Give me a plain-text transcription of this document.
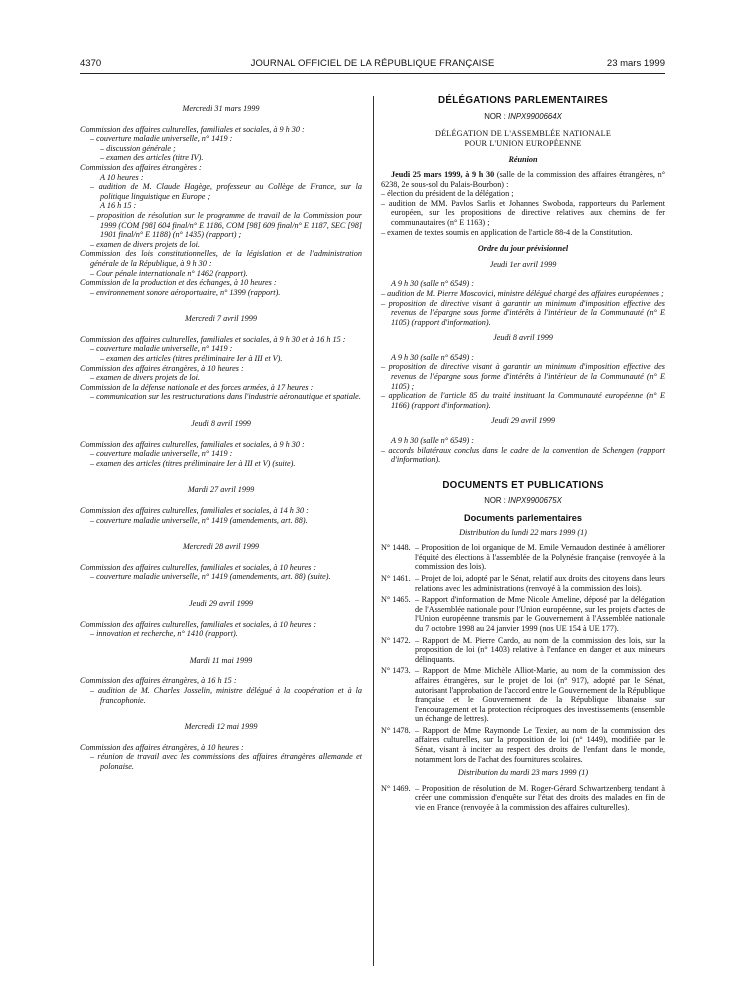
4370	JOURNAL OFFICIEL DE LA RÉPUBLIQUE FRANÇAISE	23 mars 1999

Mercredi 31 mars 1999

Commission des affaires culturelles, familiales et sociales, à 9 h 30 :

– couverture maladie universelle, n° 1419 :

– discussion générale ;

– examen des articles (titre IV).

Commission des affaires étrangères :

A 10 heures :

– audition de M. Claude Hagège, professeur au Collège de France, sur la politique linguistique en Europe ;

A 16 h 15 :

– proposition de résolution sur le programme de travail de la Commission pour 1999 (COM [98] 604 final/n° E 1186, COM [98] 609 final/n° E 1187, SEC [98] 1901 final/n° E 1188) (n° 1435) (rapport) ;

– examen de divers projets de loi.

Commission des lois constitutionnelles, de la législation et de l'administration générale de la République, à 9 h 30 :

– Cour pénale internationale n° 1462 (rapport).

Commission de la production et des échanges, à 10 heures :

– environnement sonore aéroportuaire, n° 1399 (rapport).

Mercredi 7 avril 1999

Commission des affaires culturelles, familiales et sociales, à 9 h 30 et à 16 h 15 :

– couverture maladie universelle, n° 1419 :

– examen des articles (titres préliminaire Ier à III et V).

Commission des affaires étrangères, à 10 heures :

– examen de divers projets de loi.

Commission de la défense nationale et des forces armées, à 17 heures :

– communication sur les restructurations dans l'industrie aéronautique et spatiale.

Jeudi 8 avril 1999

Commission des affaires culturelles, familiales et sociales, à 9 h 30 :

– couverture maladie universelle, n° 1419 :

– examen des articles (titres préliminaire Ier à III et V) (suite).

Mardi 27 avril 1999

Commission des affaires culturelles, familiales et sociales, à 14 h 30 :

– couverture maladie universelle, n° 1419 (amendements, art. 88).

Mercredi 28 avril 1999

Commission des affaires culturelles, familiales et sociales, à 10 heures :

– couverture maladie universelle, n° 1419 (amendements, art. 88) (suite).

Jeudi 29 avril 1999

Commission des affaires culturelles, familiales et sociales, à 10 heures :

– innovation et recherche, n° 1410 (rapport).

Mardi 11 mai 1999

Commission des affaires étrangères, à 16 h 15 :

– audition de M. Charles Josselin, ministre délégué à la coopération et à la francophonie.

Mercredi 12 mai 1999

Commission des affaires étrangères, à 10 heures :

– réunion de travail avec les commissions des affaires étrangères allemande et polonaise.

DÉLÉGATIONS PARLEMENTAIRES

NOR : INPX9900664X

DÉLÉGATION DE L'ASSEMBLÉE NATIONALE

POUR L'UNION EUROPÉENNE

Réunion

Jeudi 25 mars 1999, à 9 h 30 (salle de la commission des affaires étrangères, n° 6238, 2e sous-sol du Palais-Bourbon) :

– élection du président de la délégation ;

– audition de MM. Pavlos Sarlis et Johannes Swoboda, rapporteurs du Parlement européen, sur les propositions de directive relatives aux chemins de fer communautaires (n° E 1163) ;

– examen de textes soumis en application de l'article 88-4 de la Constitution.

Ordre du jour prévisionnel

Jeudi 1er avril 1999

A 9 h 30 (salle n° 6549) :

– audition de M. Pierre Moscovici, ministre délégué chargé des affaires européennes ;

– proposition de directive visant à garantir un minimum d'imposition effective des revenus de l'épargne sous forme d'intérêts à l'intérieur de la Communauté (n° E 1105) (rapport d'information).

Jeudi 8 avril 1999

A 9 h 30 (salle n° 6549) :

– proposition de directive visant à garantir un minimum d'imposition effective des revenus de l'épargne sous forme d'intérêts à l'intérieur de la Communauté (n° E 1105) ;

– application de l'article 85 du traité instituant la Communauté européenne (n° E 1166) (rapport d'information).

Jeudi 29 avril 1999

A 9 h 30 (salle n° 6549) :

– accords bilatéraux conclus dans le cadre de la convention de Schengen (rapport d'information).

DOCUMENTS ET PUBLICATIONS

NOR : INPX9900675X

Documents parlementaires

Distribution du lundi 22 mars 1999 (1)

N° 1448. – Proposition de loi organique de M. Emile Vernaudon destinée à améliorer l'équité des élections à l'assemblée de la Polynésie française (renvoyée à la commission des lois).

N° 1461. – Projet de loi, adopté par le Sénat, relatif aux droits des citoyens dans leurs relations avec les administrations (renvoyé à la commission des lois).

N° 1465. – Rapport d'information de Mme Nicole Ameline, déposé par la délégation de l'Assemblée nationale pour l'Union européenne, sur les projets d'actes de l'Union européenne transmis par le Gouvernement à l'Assemblée nationale du 7 octobre 1998 au 24 janvier 1999 (nos UE 154 à UE 177).

N° 1472. – Rapport de M. Pierre Cardo, au nom de la commission des lois, sur la proposition de loi (n° 1403) relative à l'enfance en danger et aux mineurs délinquants.

N° 1473. – Rapport de Mme Michèle Alliot-Marie, au nom de la commission des affaires étrangères, sur le projet de loi (n° 917), adopté par le Sénat, autorisant l'approbation de l'accord entre le Gouvernement de la République française et le Gouvernement de la République libanaise sur l'encouragement et la protection réciproques des investissements (ensemble un échange de lettres).

N° 1478. – Rapport de Mme Raymonde Le Texier, au nom de la commission des affaires culturelles, sur la proposition de loi (n° 1449), modifiée par le Sénat, visant à inciter au respect des droits de l'enfant dans le monde, notamment lors de l'achat des fournitures scolaires.

Distribution du mardi 23 mars 1999 (1)

N° 1469. – Proposition de résolution de M. Roger-Gérard Schwartzenberg tendant à créer une commission d'enquête sur l'état des droits des malades en fin de vie en France (renvoyée à la commission des affaires culturelles).
